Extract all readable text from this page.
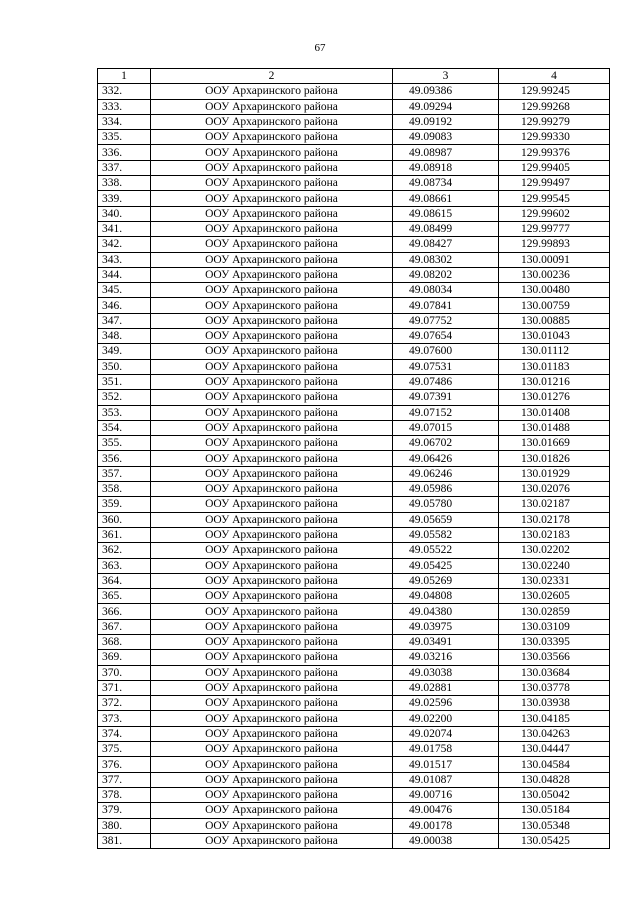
67
1	2	3	4
332.	ООУ Архаринского района	49.09386	129.99245
333.	ООУ Архаринского района	49.09294	129.99268
334.	ООУ Архаринского района	49.09192	129.99279
335.	ООУ Архаринского района	49.09083	129.99330
336.	ООУ Архаринского района	49.08987	129.99376
337.	ООУ Архаринского района	49.08918	129.99405
338.	ООУ Архаринского района	49.08734	129.99497
339.	ООУ Архаринского района	49.08661	129.99545
340.	ООУ Архаринского района	49.08615	129.99602
341.	ООУ Архаринского района	49.08499	129.99777
342.	ООУ Архаринского района	49.08427	129.99893
343.	ООУ Архаринского района	49.08302	130.00091
344.	ООУ Архаринского района	49.08202	130.00236
345.	ООУ Архаринского района	49.08034	130.00480
346.	ООУ Архаринского района	49.07841	130.00759
347.	ООУ Архаринского района	49.07752	130.00885
348.	ООУ Архаринского района	49.07654	130.01043
349.	ООУ Архаринского района	49.07600	130.01112
350.	ООУ Архаринского района	49.07531	130.01183
351.	ООУ Архаринского района	49.07486	130.01216
352.	ООУ Архаринского района	49.07391	130.01276
353.	ООУ Архаринского района	49.07152	130.01408
354.	ООУ Архаринского района	49.07015	130.01488
355.	ООУ Архаринского района	49.06702	130.01669
356.	ООУ Архаринского района	49.06426	130.01826
357.	ООУ Архаринского района	49.06246	130.01929
358.	ООУ Архаринского района	49.05986	130.02076
359.	ООУ Архаринского района	49.05780	130.02187
360.	ООУ Архаринского района	49.05659	130.02178
361.	ООУ Архаринского района	49.05582	130.02183
362.	ООУ Архаринского района	49.05522	130.02202
363.	ООУ Архаринского района	49.05425	130.02240
364.	ООУ Архаринского района	49.05269	130.02331
365.	ООУ Архаринского района	49.04808	130.02605
366.	ООУ Архаринского района	49.04380	130.02859
367.	ООУ Архаринского района	49.03975	130.03109
368.	ООУ Архаринского района	49.03491	130.03395
369.	ООУ Архаринского района	49.03216	130.03566
370.	ООУ Архаринского района	49.03038	130.03684
371.	ООУ Архаринского района	49.02881	130.03778
372.	ООУ Архаринского района	49.02596	130.03938
373.	ООУ Архаринского района	49.02200	130.04185
374.	ООУ Архаринского района	49.02074	130.04263
375.	ООУ Архаринского района	49.01758	130.04447
376.	ООУ Архаринского района	49.01517	130.04584
377.	ООУ Архаринского района	49.01087	130.04828
378.	ООУ Архаринского района	49.00716	130.05042
379.	ООУ Архаринского района	49.00476	130.05184
380.	ООУ Архаринского района	49.00178	130.05348
381.	ООУ Архаринского района	49.00038	130.05425
